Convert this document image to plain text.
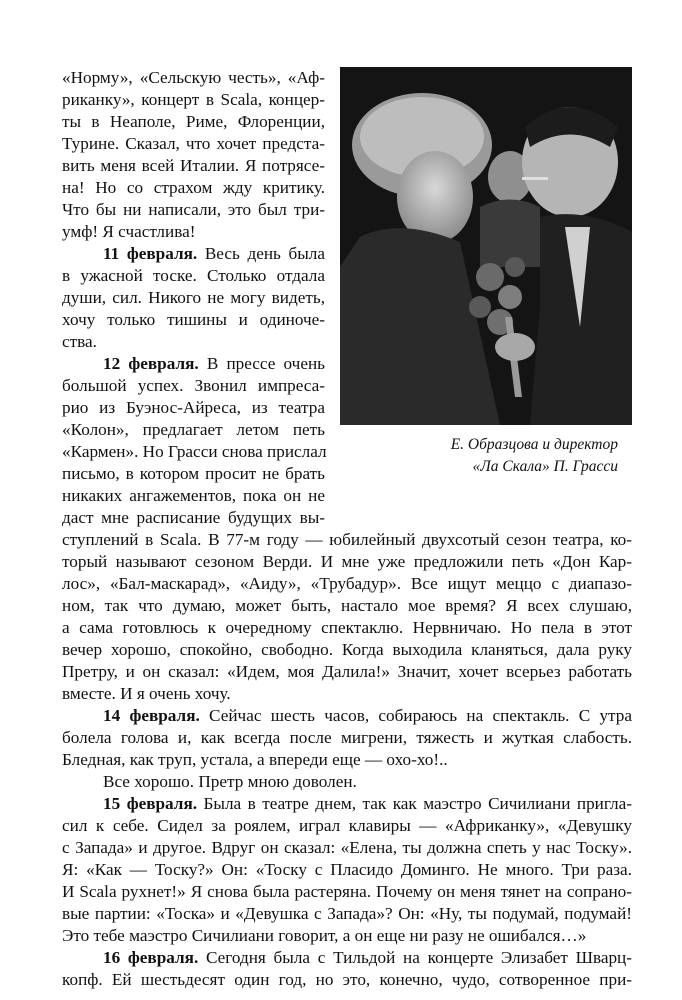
«Норму», «Сельскую честь», «Аф-
риканку», концерт в Scala, концер-
ты в Неаполе, Риме, Флоренции,
Турине. Сказал, что хочет предста-
вить меня всей Италии. Я потрясе-
на! Но со страхом жду критику.
Что бы ни написали, это был три-
умф! Я счастлива!
11 февраля. Весь день была
в ужасной тоске. Столько отдала
души, сил. Никого не могу видеть,
хочу только тишины и одиноче-
ства.
12 февраля. В прессе очень
большой успех. Звонил импреса-
рио из Буэнос-Айреса, из театра
«Колон», предлагает летом петь
«Кармен». Но Грасси снова прислал
письмо, в котором просит не брать
никаких ангажементов, пока он не
даст мне расписание будущих вы-
Е. Образцова и директор
«Ла Скала» П. Грасси
ступлений в Scala. В 77-м году — юбилейный двухсотый сезон театра, ко-
торый называют сезоном Верди. И мне уже предложили петь «Дон Кар-
лос», «Бал-маскарад», «Аиду», «Трубадур». Все ищут меццо с диапазо-
ном, так что думаю, может быть, настало мое время? Я всех слушаю,
а сама готовлюсь к очередному спектаклю. Нервничаю. Но пела в этот
вечер хорошо, спокойно, свободно. Когда выходила кланяться, дала руку
Претру, и он сказал: «Идем, моя Далила!» Значит, хочет всерьез работать
вместе. И я очень хочу.
14 февраля. Сейчас шесть часов, собираюсь на спектакль. С утра
болела голова и, как всегда после мигрени, тяжесть и жуткая слабость.
Бледная, как труп, устала, а впереди еще — охо-хо!..
Все хорошо. Претр мною доволен.
15 февраля. Была в театре днем, так как маэстро Сичилиани пригла-
сил к себе. Сидел за роялем, играл клавиры — «Африканку», «Девушку
с Запада» и другое. Вдруг он сказал: «Елена, ты должна спеть у нас Тоску».
Я: «Как — Тоску?» Он: «Тоску с Пласидо Доминго. Не много. Три раза.
И Scala рухнет!» Я снова была растеряна. Почему он меня тянет на сопрано-
вые партии: «Тоска» и «Девушка с Запада»? Он: «Ну, ты подумай, подумай!
Это тебе маэстро Сичилиани говорит, а он еще ни разу не ошибался…»
16 февраля. Сегодня была с Тильдой на концерте Элизабет Шварц-
копф. Ей шестьдесят один год, но это, конечно, чудо, сотворенное при-
